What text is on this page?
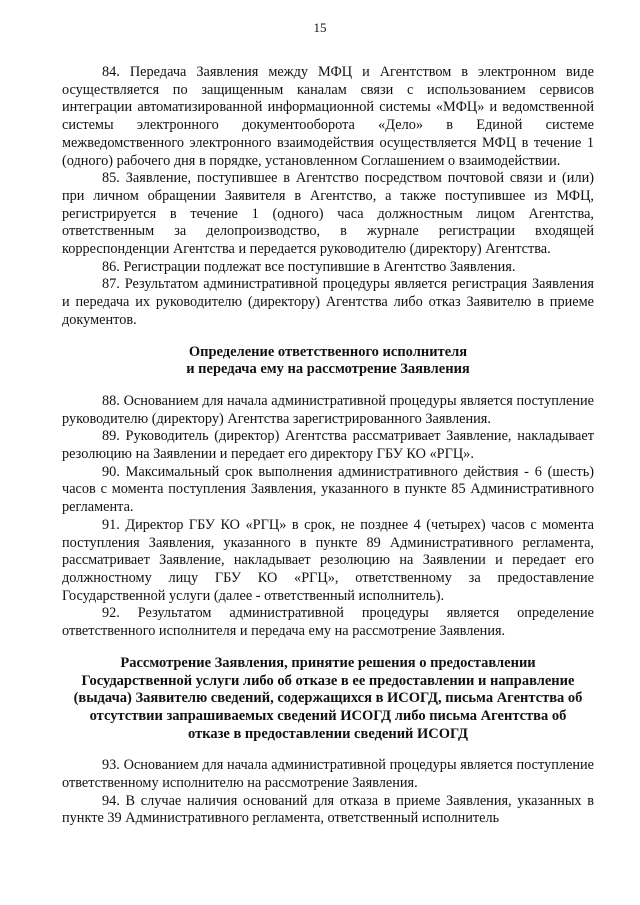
15

84. Передача Заявления между МФЦ и Агентством в электронном виде осуществляется по защищенным каналам связи с использованием сервисов интеграции автоматизированной информационной системы «МФЦ» и ведомственной системы электронного документооборота «Дело» в Единой системе межведомственного электронного взаимодействия осуществляется МФЦ в течение 1 (одного) рабочего дня в порядке, установленном Соглашением о взаимодействии.

85. Заявление, поступившее в Агентство посредством почтовой связи и (или) при личном обращении Заявителя в Агентство, а также поступившее из МФЦ, регистрируется в течение 1 (одного) часа должностным лицом Агентства, ответственным за делопроизводство, в журнале регистрации входящей корреспонденции Агентства и передается руководителю (директору) Агентства.

86. Регистрации подлежат все поступившие в Агентство Заявления.

87. Результатом административной процедуры является регистрация Заявления и передача их руководителю (директору) Агентства либо отказ Заявителю в приеме документов.

Определение ответственного исполнителя
и передача ему на рассмотрение Заявления

88. Основанием для начала административной процедуры является поступление руководителю (директору) Агентства зарегистрированного Заявления.

89. Руководитель (директор) Агентства рассматривает Заявление, накладывает резолюцию на Заявлении и передает его директору ГБУ КО «РГЦ».

90. Максимальный срок выполнения административного действия - 6 (шесть) часов с момента поступления Заявления, указанного в пункте 85 Административного регламента.

91. Директор ГБУ КО «РГЦ» в срок, не позднее 4 (четырех) часов с момента поступления Заявления, указанного в пункте 89 Административного регламента, рассматривает Заявление, накладывает резолюцию на Заявлении и передает его должностному лицу ГБУ КО «РГЦ», ответственному за предоставление Государственной услуги (далее - ответственный исполнитель).

92. Результатом административной процедуры является определение ответственного исполнителя и передача ему на рассмотрение Заявления.

Рассмотрение Заявления, принятие решения о предоставлении
Государственной услуги либо об отказе в ее предоставлении и направление
(выдача) Заявителю сведений, содержащихся в ИСОГД, письма Агентства об
отсутствии запрашиваемых сведений ИСОГД либо письма Агентства об
отказе в предоставлении сведений ИСОГД

93. Основанием для начала административной процедуры является поступление ответственному исполнителю на рассмотрение Заявления.

94. В случае наличия оснований для отказа в приеме Заявления, указанных в пункте 39 Административного регламента, ответственный исполнитель
